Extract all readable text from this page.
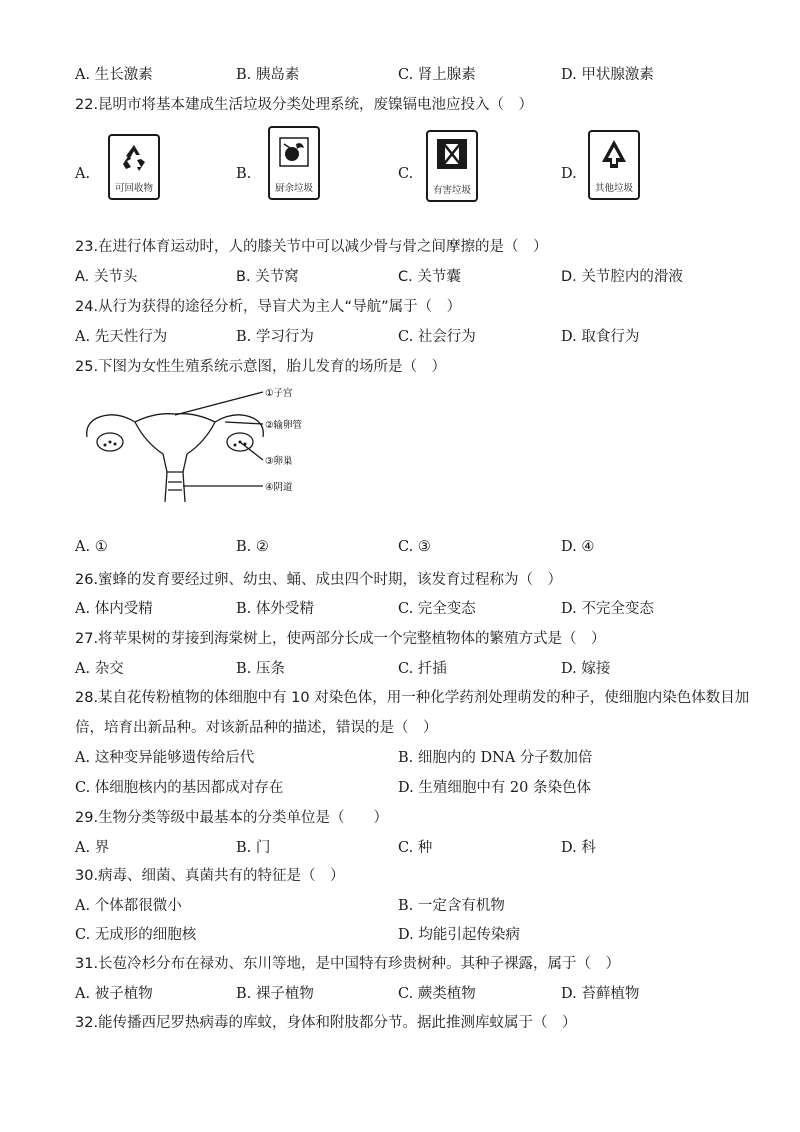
A. 生长激素	B. 胰岛素	C. 肾上腺素	D. 甲状腺激素
22.昆明市将基本建成生活垃圾分类处理系统，废镍镉电池应投入（　）
A.	B.	C.	D.
可回收物	厨余垃圾	有害垃圾	其他垃圾
23.在进行体育运动时，人的膝关节中可以减少骨与骨之间摩擦的是（　）
A. 关节头	B. 关节窝	C. 关节囊	D. 关节腔内的滑液
24.从行为获得的途径分析，导盲犬为主人“导航”属于（　）
A. 先天性行为	B. 学习行为	C. 社会行为	D. 取食行为
25.下图为女性生殖系统示意图，胎儿发育的场所是（　）
①子宫
②输卵管
③卵巢
④阴道
A. ①	B. ②	C. ③	D. ④
26.蜜蜂的发育要经过卵、幼虫、蛹、成虫四个时期，该发育过程称为（　）
A. 体内受精	B. 体外受精	C. 完全变态	D. 不完全变态
27.将苹果树的芽接到海棠树上，使两部分长成一个完整植物体的繁殖方式是（　）
A. 杂交	B. 压条	C. 扦插	D. 嫁接
28.某自花传粉植物的体细胞中有 10 对染色体，用一种化学药剂处理萌发的种子，使细胞内染色体数目加
倍，培育出新品种。对该新品种的描述，错误的是（　）
A. 这种变异能够遗传给后代	B. 细胞内的 DNA 分子数加倍
C. 体细胞核内的基因都成对存在	D. 生殖细胞中有 20 条染色体
29.生物分类等级中最基本的分类单位是（　　）
A. 界	B. 门	C. 种	D. 科
30.病毒、细菌、真菌共有的特征是（　）
A. 个体都很微小	B. 一定含有机物
C. 无成形的细胞核	D. 均能引起传染病
31.长苞冷杉分布在禄劝、东川等地，是中国特有珍贵树种。其种子裸露，属于（　）
A. 被子植物	B. 裸子植物	C. 蕨类植物	D. 苔藓植物
32.能传播西尼罗热病毒的库蚊，身体和附肢都分节。据此推测库蚊属于（　）
